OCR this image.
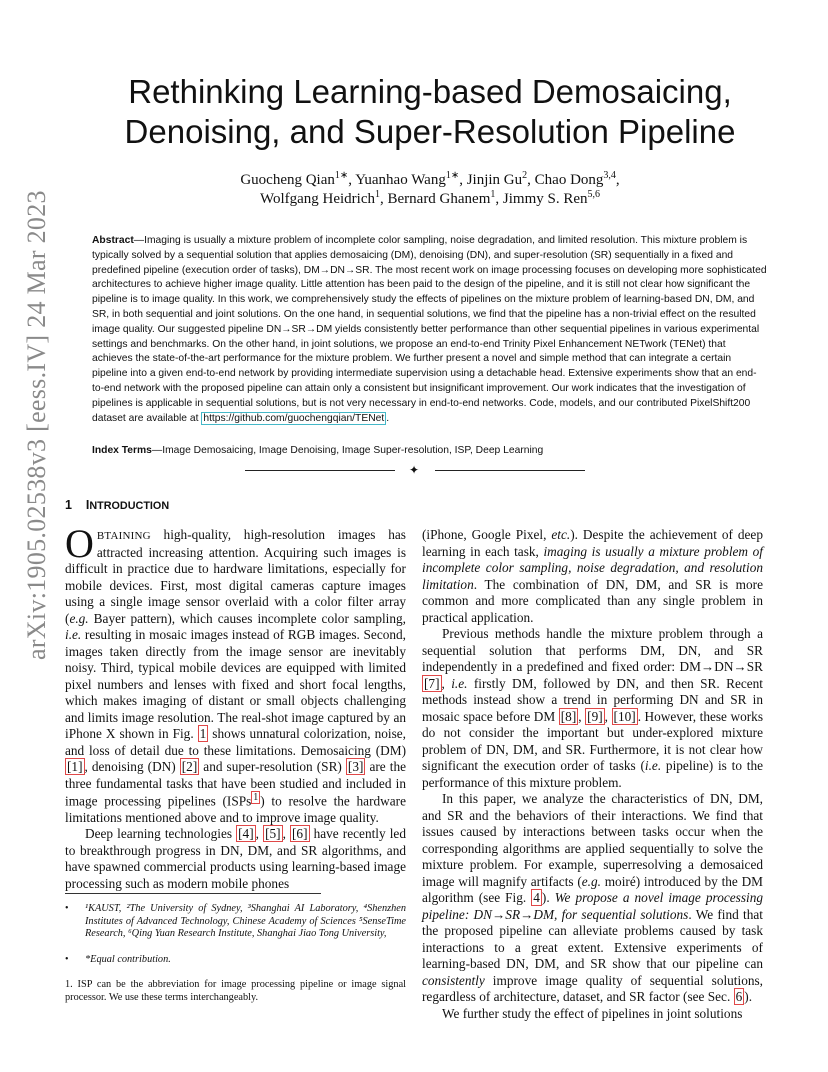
arXiv:1905.02538v3 [eess.IV] 24 Mar 2023
Rethinking Learning-based Demosaicing,
Denoising, and Super-Resolution Pipeline
Guocheng Qian$^{1∗}$, Yuanhao Wang$^{1∗}$, Jinjin Gu$^2$, Chao Dong$^{3,4}$,
Wolfgang Heidrich$^1$, Bernard Ghanem$^1$, Jimmy S. Ren$^{5,6}$
Abstract—Imaging is usually a mixture problem of incomplete color sampling, noise degradation, and limited resolution. This mixture problem is typically solved by a sequential solution that applies demosaicing (DM), denoising (DN), and super-resolution (SR) sequentially in a fixed and predefined pipeline (execution order of tasks), DM→DN→SR. The most recent work on image processing focuses on developing more sophisticated architectures to achieve higher image quality. Little attention has been paid to the design of the pipeline, and it is still not clear how significant the pipeline is to image quality. In this work, we comprehensively study the effects of pipelines on the mixture problem of learning-based DN, DM, and SR, in both sequential and joint solutions. On the one hand, in sequential solutions, we find that the pipeline has a non-trivial effect on the resulted image quality. Our suggested pipeline DN→SR→DM yields consistently better performance than other sequential pipelines in various experimental settings and benchmarks. On the other hand, in joint solutions, we propose an end-to-end Trinity Pixel Enhancement NETwork (TENet) that achieves the state-of-the-art performance for the mixture problem. We further present a novel and simple method that can integrate a certain pipeline into a given end-to-end network by providing intermediate supervision using a detachable head. Extensive experiments show that an end-to-end network with the proposed pipeline can attain only a consistent but insignificant improvement. Our work indicates that the investigation of pipelines is applicable in sequential solutions, but is not very necessary in end-to-end networks. Code, models, and our contributed PixelShift200 dataset are available at https://github.com/guochengqian/TENet .
Index Terms—Image Demosaicing, Image Denoising, Image Super-resolution, ISP, Deep Learning
✦
1 INTRODUCTION

OBTAINING high-quality, high-resolution images has attracted increasing attention. Acquiring such images is difficult in practice due to hardware limitations, especially for mobile devices. First, most digital cameras capture images using a single image sensor overlaid with a color filter array (e.g. Bayer pattern), which causes incomplete color sampling, i.e. resulting in mosaic images instead of RGB images. Second, images taken directly from the image sensor are inevitably noisy. Third, typical mobile devices are equipped with limited pixel numbers and lenses with fixed and short focal lengths, which makes imaging of distant or small objects challenging and limits image resolution. The real-shot image captured by an iPhone X shown in Fig. 1 shows unnatural colorization, noise, and loss of detail due to these limitations. Demosaicing (DM) [1] , denoising (DN) [2] and super-resolution (SR) [3] are the three fundamental tasks that have been studied and included in image processing pipelines (ISPs $^1$ ) to resolve the hardware limitations mentioned above and to improve image quality.

Deep learning technologies [4] , [5] , [6] have recently led to breakthrough progress in DN, DM, and SR algorithms, and have spawned commercial products using learning-based image processing such as modern mobile phones

•	¹KAUST, ²The University of Sydney, ³Shanghai AI Laboratory, ⁴Shenzhen Institutes of Advanced Technology, Chinese Academy of Sciences ⁵SenseTime Research, ⁶Qing Yuan Research Institute, Shanghai Jiao Tong University,
•	*Equal contribution.
1. ISP can be the abbreviation for image processing pipeline or image signal processor. We use these terms interchangeably.

(iPhone, Google Pixel, etc.). Despite the achievement of deep learning in each task, imaging is usually a mixture problem of incomplete color sampling, noise degradation, and resolution limitation. The combination of DN, DM, and SR is more common and more complicated than any single problem in practical application.

Previous methods handle the mixture problem through a sequential solution that performs DM, DN, and SR independently in a predefined and fixed order: DM→DN→SR [7] , i.e. firstly DM, followed by DN, and then SR. Recent methods instead show a trend in performing DN and SR in mosaic space before DM [8] , [9] , [10] . However, these works do not consider the important but under-explored mixture problem of DN, DM, and SR. Furthermore, it is not clear how significant the execution order of tasks (i.e. pipeline) is to the performance of this mixture problem.

In this paper, we analyze the characteristics of DN, DM, and SR and the behaviors of their interactions. We find that issues caused by interactions between tasks occur when the corresponding algorithms are applied sequentially to solve the mixture problem. For example, superresolving a demosaiced image will magnify artifacts (e.g. moiré) introduced by the DM algorithm (see Fig. 4 ). We propose a novel image processing pipeline: DN→SR→DM, for sequential solutions. We find that the proposed pipeline can alleviate problems caused by task interactions to a great extent. Extensive experiments of learning-based DN, DM, and SR show that our pipeline can consistently improve image quality of sequential solutions, regardless of architecture, dataset, and SR factor (see Sec. 6 ).

We further study the effect of pipelines in joint solutions
